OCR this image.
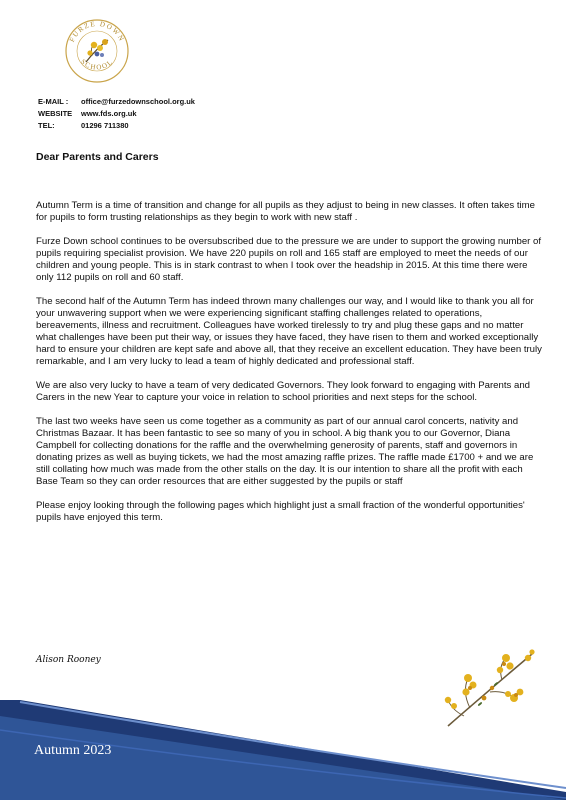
FURZE DOWN
SCHOOL
E-MAIL :	office@furzedownschool.org.uk
WEBSITE	www.fds.org.uk
TEL:	01296 711380
Dear Parents and Carers

Autumn Term is a time of transition and change for all pupils as they adjust to being in new classes. It often takes time for pupils to form trusting relationships as they begin to work with new staff .

Furze Down school continues to be oversubscribed due to the pressure we are under to support the growing number of pupils requiring specialist provision. We have 220 pupils on roll and 165 staff are employed to meet the needs of our children and young people. This is in stark contrast to when I took over the headship in 2015. At this time there were only 112 pupils on roll and 60 staff.

The second half of the Autumn Term has indeed thrown many challenges our way, and I would like to thank you all for your unwavering support when we were experiencing significant staffing challenges related to operations, bereavements, illness and recruitment. Colleagues have worked tirelessly to try and plug these gaps and no matter what challenges have been put their way, or issues they have faced, they have risen to them and worked exceptionally hard to ensure your children are kept safe and above all, that they receive an excellent education. They have been truly remarkable, and I am very lucky to lead a team of highly dedicated and professional staff.

We are also very lucky to have a team of very dedicated Governors. They look forward to engaging with Parents and Carers in the new Year to capture your voice in relation to school priorities and next steps for the school.

The last two weeks have seen us come together as a community as part of our annual carol concerts, nativity and Christmas Bazaar. It has been fantastic to see so many of you in school. A big thank you to our Governor, Diana Campbell for collecting donations for the raffle and the overwhelming generosity of parents, staff and governors in donating prizes as well as buying tickets, we had the most amazing raffle prizes. The raffle made £1700 + and we are still collating how much was made from the other stalls on the day. It is our intention to share all the profit with each Base Team so they can order resources that are either suggested by the pupils or staff

Please enjoy looking through the following pages which highlight just a small fraction of the wonderful opportunities' pupils have enjoyed this term.

Alison Rooney
Autumn 2023
